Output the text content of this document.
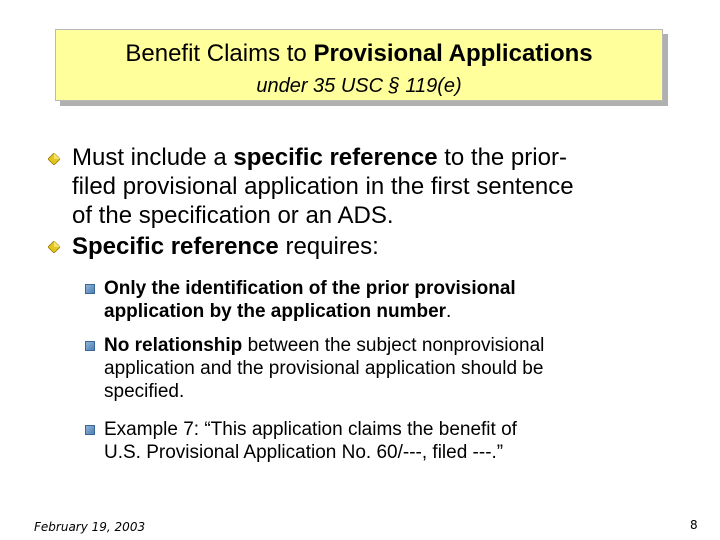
Benefit Claims to Provisional Applications
under 35 USC § 119(e)
Must include a specific reference to the prior-
filed provisional application in the first sentence
of the specification or an ADS.
Specific reference requires:
Only the identification of the prior provisional
application by the application number.
No relationship between the subject nonprovisional
application and the provisional application should be
specified.
Example 7: “This application claims the benefit of
U.S. Provisional Application No. 60/---, filed ---.”
February 19, 2003	8
